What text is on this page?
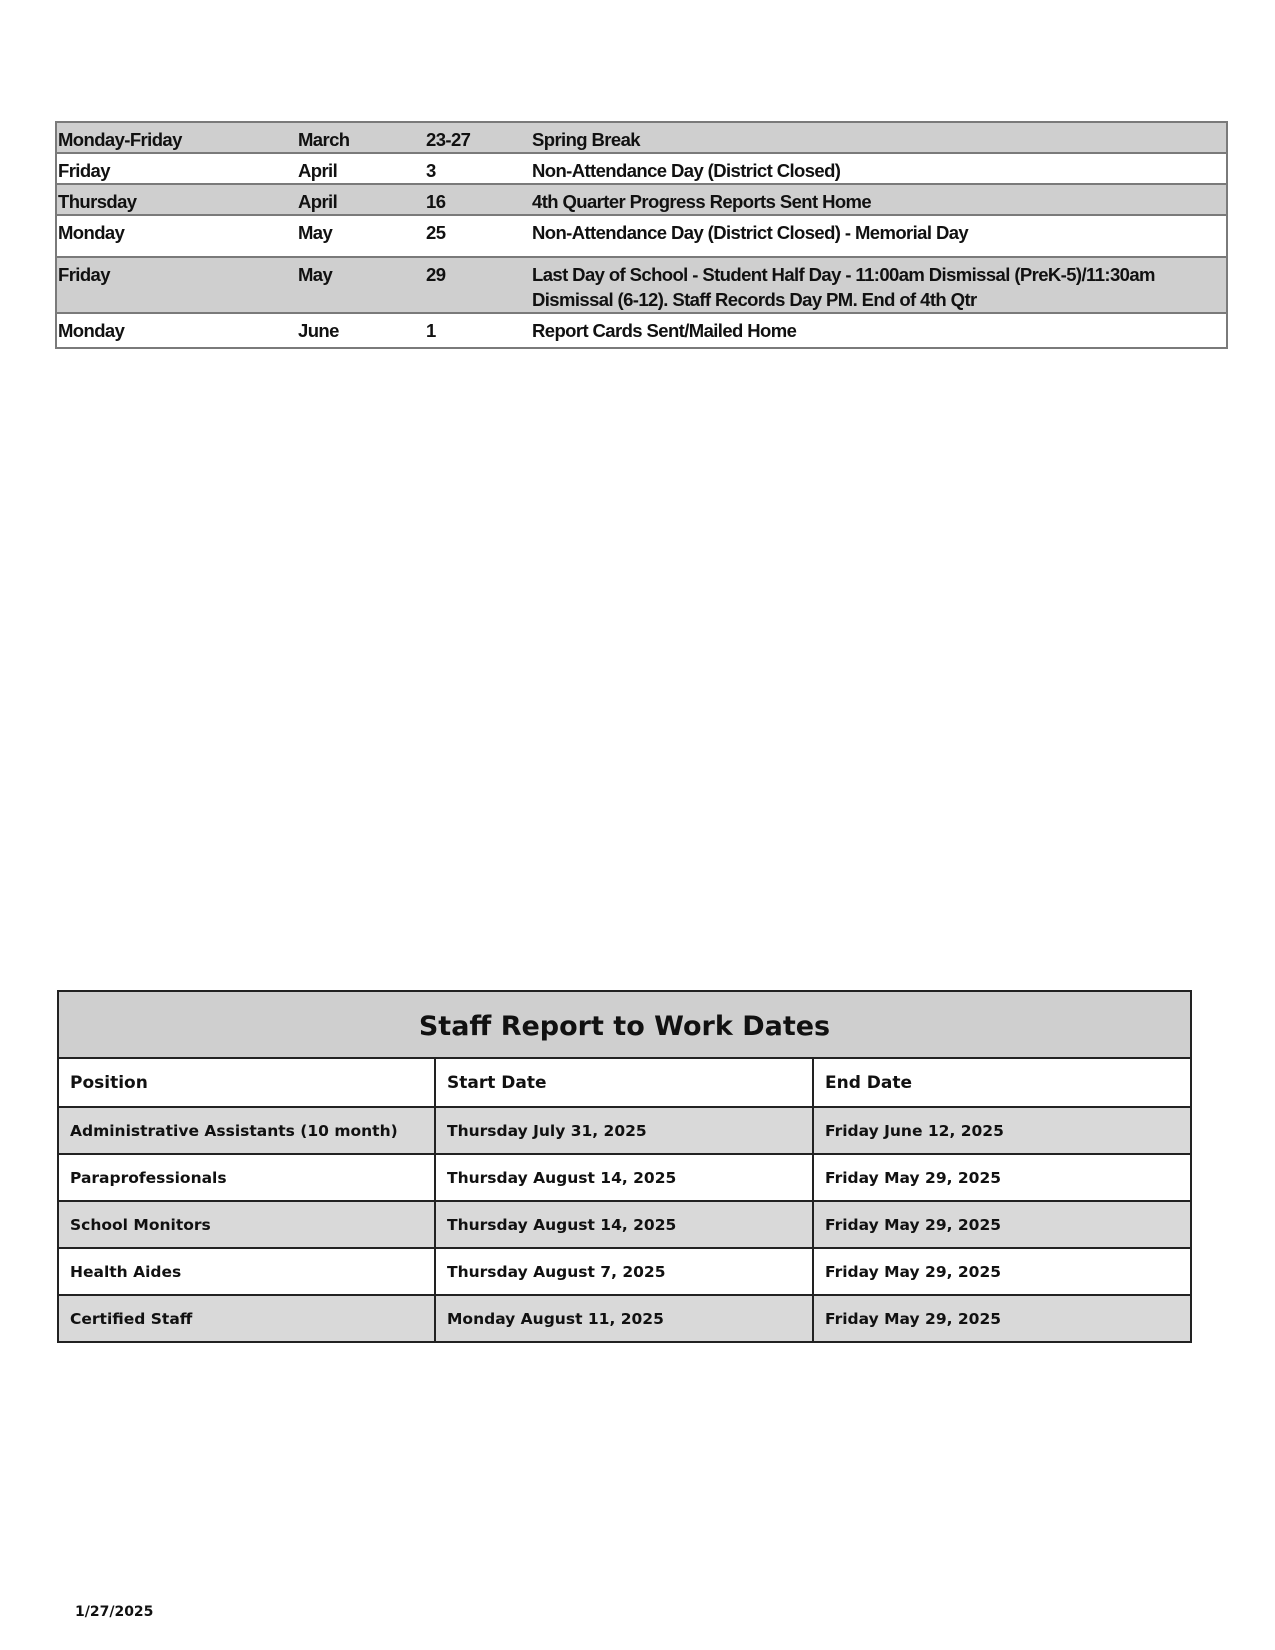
Monday-Friday	March	23-27	Spring Break
Friday	April	3	Non-Attendance Day (District Closed)
Thursday	April	16	4th Quarter Progress Reports Sent Home
Monday	May	25	Non-Attendance Day (District Closed) - Memorial Day
Friday	May	29	Last Day of School - Student Half Day - 11:00am Dismissal (PreK-5)/11:30am
Dismissal (6-12). Staff Records Day PM. End of 4th Qtr

Monday	June	1	Report Cards Sent/Mailed Home
Staff Report to Work Dates		
Position	Start Date	End Date
Administrative Assistants (10 month)	Thursday July 31, 2025	Friday June 12, 2025
Paraprofessionals	Thursday August 14, 2025	Friday May 29, 2025
School Monitors	Thursday August 14, 2025	Friday May 29, 2025
Health Aides	Thursday August 7, 2025	Friday May 29, 2025
Certified Staff	Monday August 11, 2025	Friday May 29, 2025
1/27/2025
